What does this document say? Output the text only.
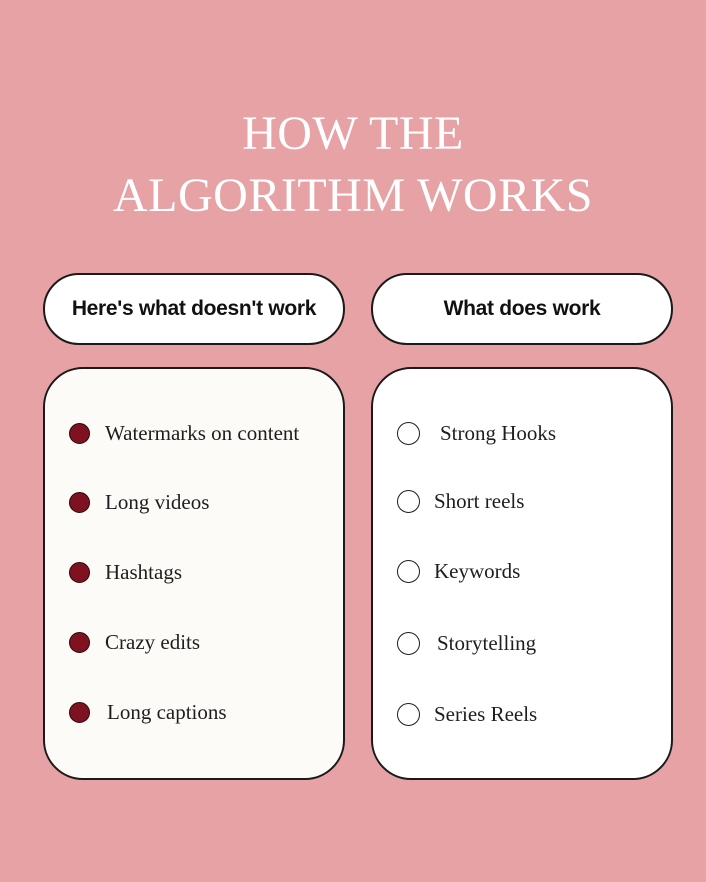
HOW THE
ALGORITHM WORKS
Here's what doesn't work	What does work
Watermarks on content
Long videos
Hashtags
Crazy edits
Long captions
Strong Hooks
Short reels
Keywords
Storytelling
Series Reels
